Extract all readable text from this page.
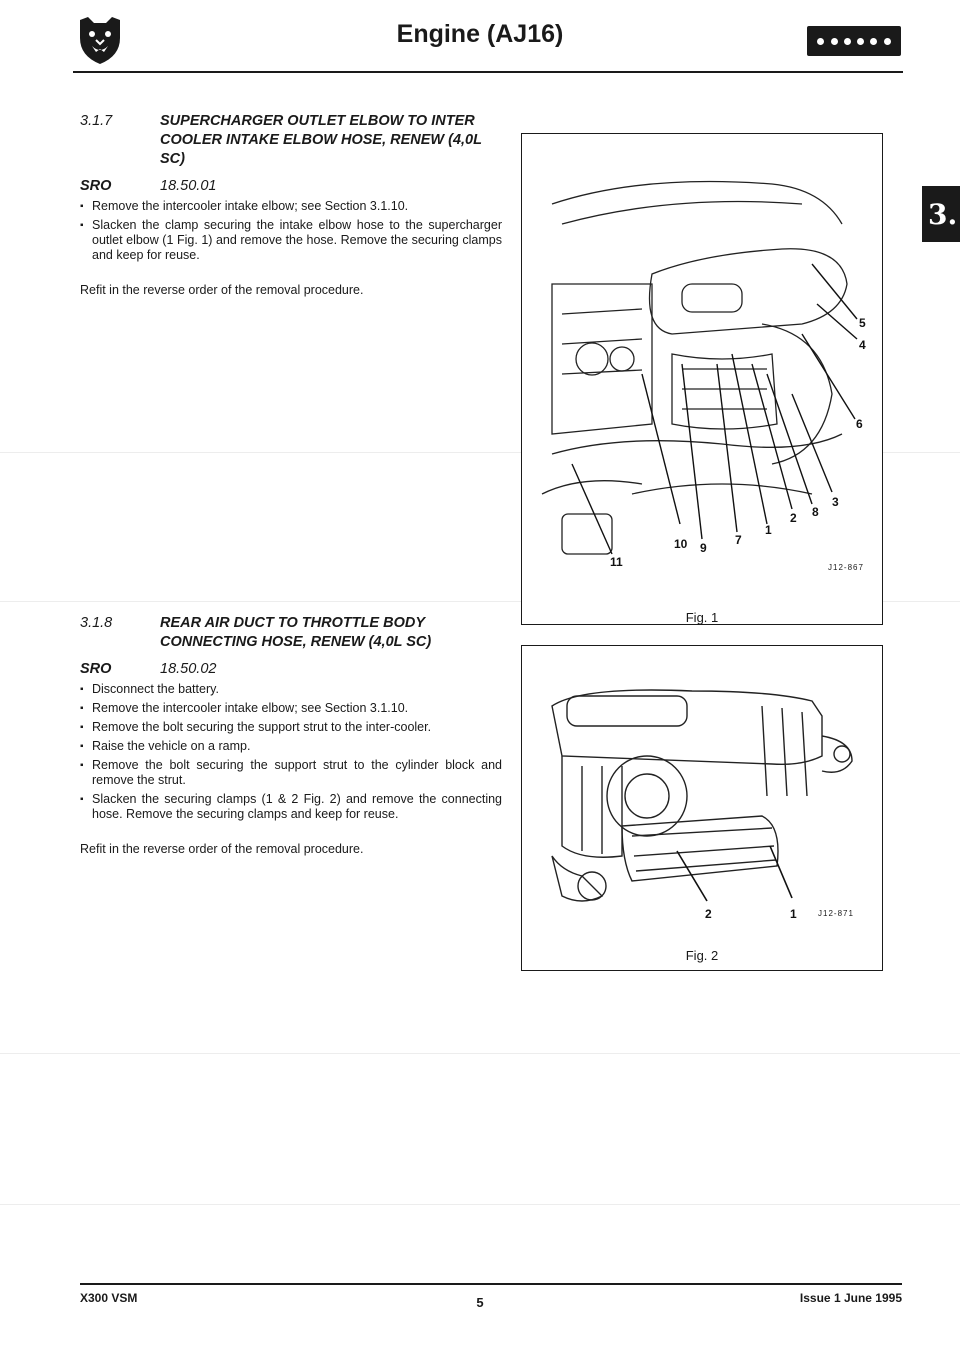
Engine (AJ16)
3.1
3.1.7	SUPERCHARGER OUTLET ELBOW TO INTER COOLER INTAKE ELBOW HOSE, RENEW (4,0L SC)
SRO	18.50.01
▪ Remove the intercooler intake elbow; see Section 3.1.10.
▪ Slacken the clamp securing the intake elbow hose to the supercharger outlet elbow (1 Fig. 1) and remove the hose. Remove the securing clamps and keep for reuse.
Refit in the reverse order of the removal procedure.
3.1.8	REAR AIR DUCT TO THROTTLE BODY CONNECTING HOSE, RENEW (4,0L SC)
SRO	18.50.02
▪ Disconnect the battery.
▪ Remove the intercooler intake elbow; see Section 3.1.10.
▪ Remove the bolt securing the support strut to the inter-cooler.
▪ Raise the vehicle on a ramp.
▪ Remove the bolt securing the support strut to the cylinder block and remove the strut.
▪ Slacken the securing clamps (1 & 2 Fig. 2) and remove the connecting hose. Remove the securing clamps and keep for reuse.
Refit in the reverse order of the removal procedure.
5
4
6
3
8
2
1
7
9
10
11	J12-867
Fig. 1
2	1	J12-871
Fig. 2
X300 VSM	5	Issue 1 June 1995
